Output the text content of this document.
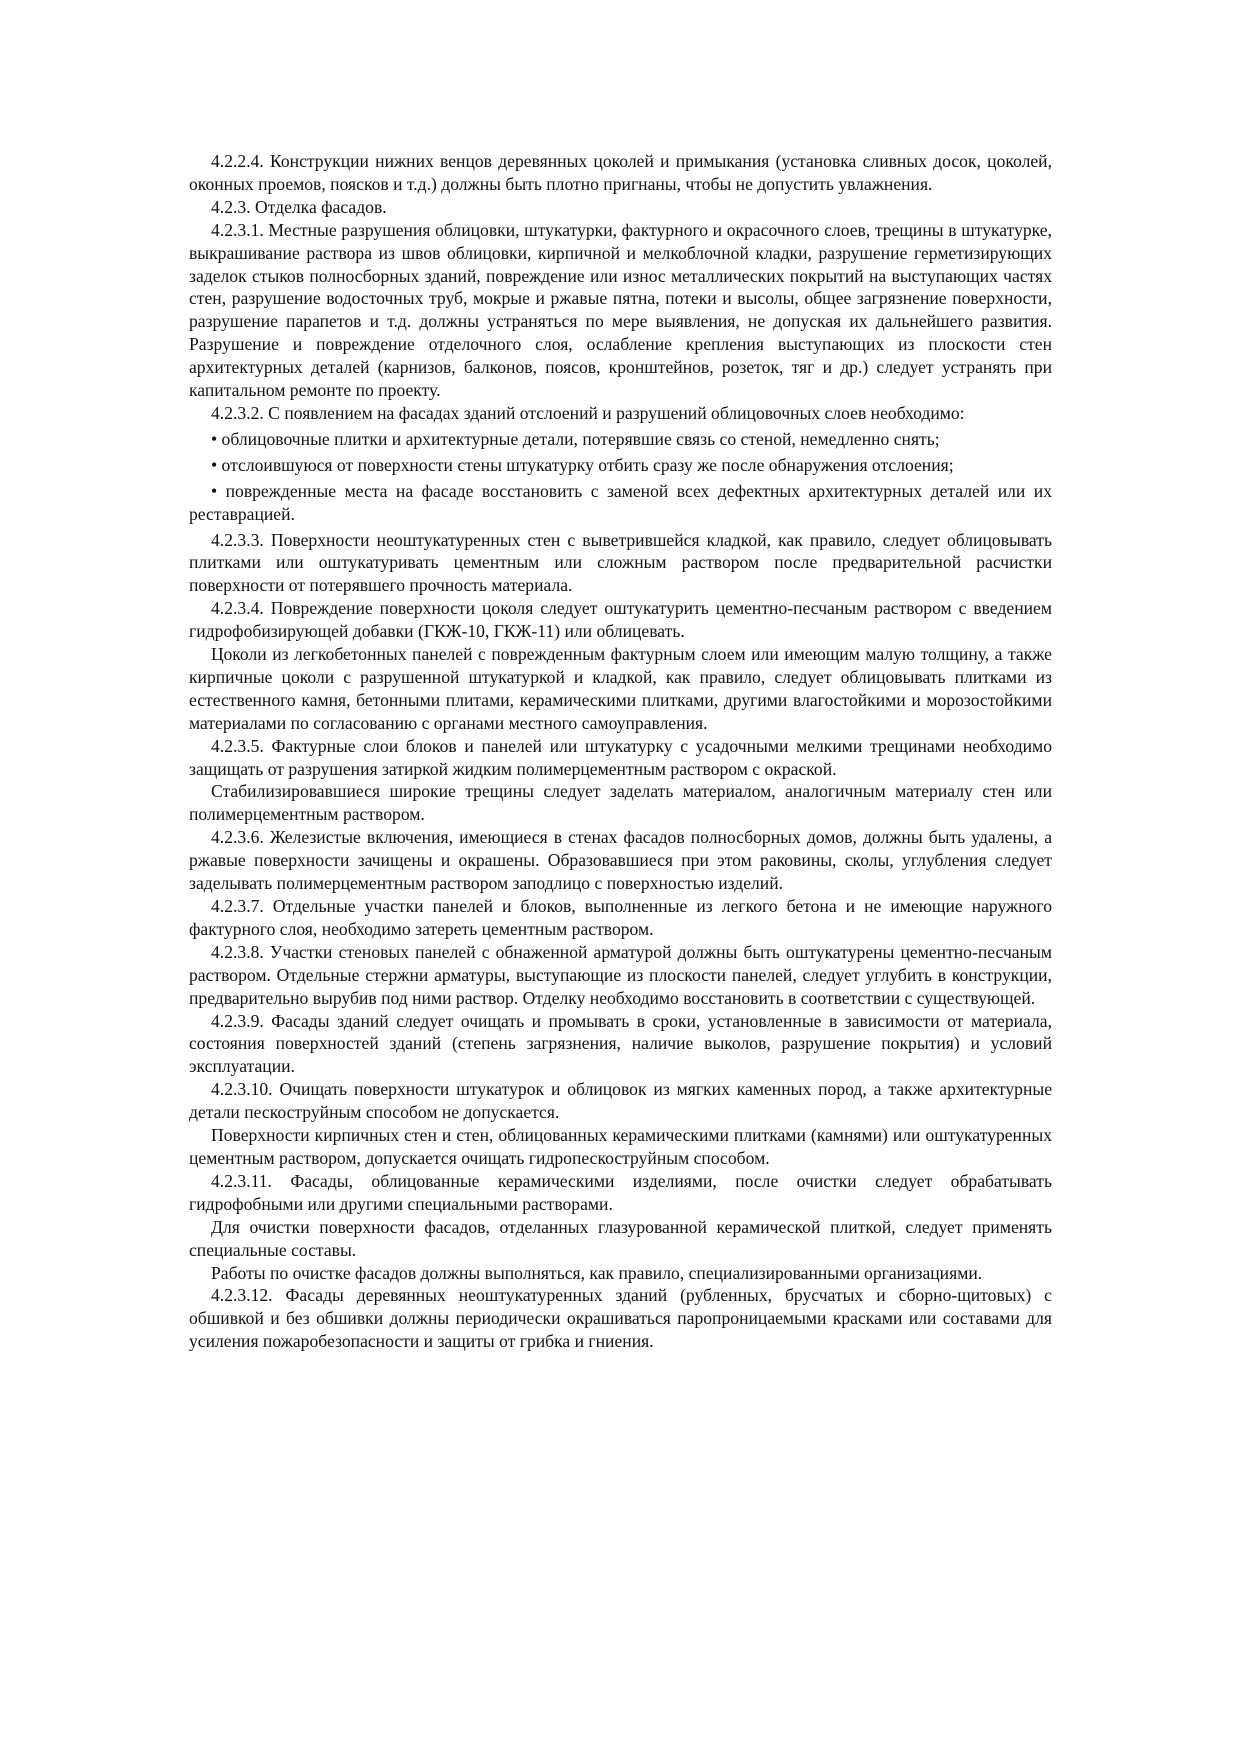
4.2.2.4. Конструкции нижних венцов деревянных цоколей и примыкания (установка сливных досок, цоколей, оконных проемов, поясков и т.д.) должны быть плотно пригнаны, чтобы не допустить увлажнения.

4.2.3. Отделка фасадов.

4.2.3.1. Местные разрушения облицовки, штукатурки, фактурного и окрасочного слоев, трещины в штукатурке, выкрашивание раствора из швов облицовки, кирпичной и мелкоблочной кладки, разрушение герметизирующих заделок стыков полносборных зданий, повреждение или износ металлических покрытий на выступающих частях стен, разрушение водосточных труб, мокрые и ржавые пятна, потеки и высолы, общее загрязнение поверхности, разрушение парапетов и т.д. должны устраняться по мере выявления, не допуская их дальнейшего развития. Разрушение и повреждение отделочного слоя, ослабление крепления выступающих из плоскости стен архитектурных деталей (карнизов, балконов, поясов, кронштейнов, розеток, тяг и др.) следует устранять при капитальном ремонте по проекту.

4.2.3.2. С появлением на фасадах зданий отслоений и разрушений облицовочных слоев необходимо:

• облицовочные плитки и архитектурные детали, потерявшие связь со стеной, немедленно снять;

• отслоившуюся от поверхности стены штукатурку отбить сразу же после обнаружения отслоения;

• поврежденные места на фасаде восстановить с заменой всех дефектных архитектурных деталей или их реставрацией.

4.2.3.3. Поверхности неоштукатуренных стен с выветрившейся кладкой, как правило, следует облицовывать плитками или оштукатуривать цементным или сложным раствором после предварительной расчистки поверхности от потерявшего прочность материала.

4.2.3.4. Повреждение поверхности цоколя следует оштукатурить цементно-песчаным раствором с введением гидрофобизирующей добавки (ГКЖ-10, ГКЖ-11) или облицевать.

Цоколи из легкобетонных панелей с поврежденным фактурным слоем или имеющим малую толщину, а также кирпичные цоколи с разрушенной штукатуркой и кладкой, как правило, следует облицовывать плитками из естественного камня, бетонными плитами, керамическими плитками, другими влагостойкими и морозостойкими материалами по согласованию с органами местного самоуправления.

4.2.3.5. Фактурные слои блоков и панелей или штукатурку с усадочными мелкими трещинами необходимо защищать от разрушения затиркой жидким полимерцементным раствором с окраской.

Стабилизировавшиеся широкие трещины следует заделать материалом, аналогичным материалу стен или полимерцементным раствором.

4.2.3.6. Железистые включения, имеющиеся в стенах фасадов полносборных домов, должны быть удалены, а ржавые поверхности зачищены и окрашены. Образовавшиеся при этом раковины, сколы, углубления следует заделывать полимерцементным раствором заподлицо с поверхностью изделий.

4.2.3.7. Отдельные участки панелей и блоков, выполненные из легкого бетона и не имеющие наружного фактурного слоя, необходимо затереть цементным раствором.

4.2.3.8. Участки стеновых панелей с обнаженной арматурой должны быть оштукатурены цементно-песчаным раствором. Отдельные стержни арматуры, выступающие из плоскости панелей, следует углубить в конструкции, предварительно вырубив под ними раствор. Отделку необходимо восстановить в соответствии с существующей.

4.2.3.9. Фасады зданий следует очищать и промывать в сроки, установленные в зависимости от материала, состояния поверхностей зданий (степень загрязнения, наличие выколов, разрушение покрытия) и условий эксплуатации.

4.2.3.10. Очищать поверхности штукатурок и облицовок из мягких каменных пород, а также архитектурные детали пескоструйным способом не допускается.

Поверхности кирпичных стен и стен, облицованных керамическими плитками (камнями) или оштукатуренных цементным раствором, допускается очищать гидропескоструйным способом.

4.2.3.11. Фасады, облицованные керамическими изделиями, после очистки следует обрабатывать гидрофобными или другими специальными растворами.

Для очистки поверхности фасадов, отделанных глазурованной керамической плиткой, следует применять специальные составы.

Работы по очистке фасадов должны выполняться, как правило, специализированными организациями.

4.2.3.12. Фасады деревянных неоштукатуренных зданий (рубленных, брусчатых и сборно-щитовых) с обшивкой и без обшивки должны периодически окрашиваться паропроницаемыми красками или составами для усиления пожаробезопасности и защиты от грибка и гниения.
